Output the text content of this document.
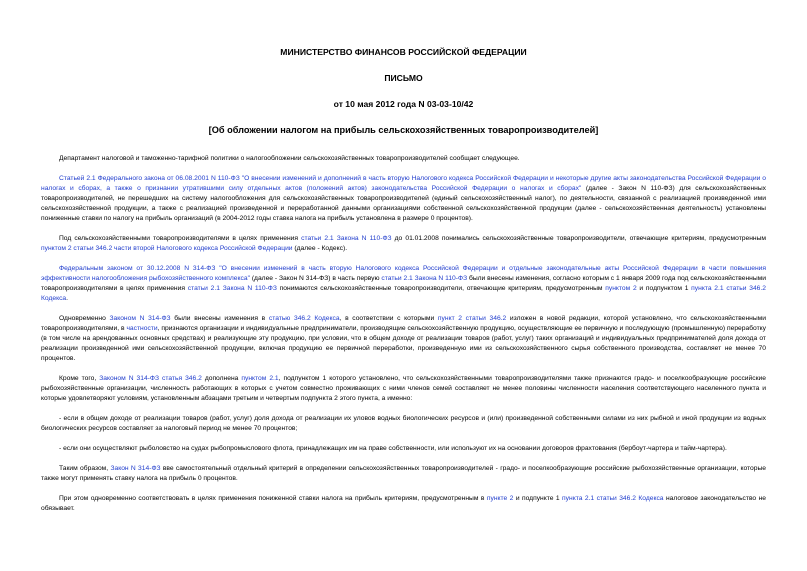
МИНИСТЕРСТВО ФИНАНСОВ РОССИЙСКОЙ ФЕДЕРАЦИИ
ПИСЬМО
от 10 мая 2012 года N 03-03-10/42
[Об обложении налогом на прибыль сельскохозяйственных товаропроизводителей]

Департамент налоговой и таможенно-тарифной политики о налогообложении сельскохозяйственных товаропроизводителей сообщает следующее.

Статьей 2.1 Федерального закона от 06.08.2001 N 110-ФЗ "О внесении изменений и дополнений в часть вторую Налогового кодекса Российской Федерации и некоторые другие акты законодательства Российской Федерации о налогах и сборах, а также о признании утратившими силу отдельных актов (положений актов) законодательства Российской Федерации о налогах и сборах" (далее - Закон N 110-ФЗ) для сельскохозяйственных товаропроизводителей, не перешедших на систему налогообложения для сельскохозяйственных товаропроизводителей (единый сельскохозяйственный налог), по деятельности, связанной с реализацией произведенной ими сельскохозяйственной продукции, а также с реализацией произведенной и переработанной данными организациями собственной сельскохозяйственной продукции (далее - сельскохозяйственная деятельность) установлены пониженные ставки по налогу на прибыль организаций (в 2004-2012 годы ставка налога на прибыль установлена в размере 0 процентов).

Под сельскохозяйственными товаропроизводителями в целях применения статьи 2.1 Закона N 110-ФЗ до 01.01.2008 понимались сельскохозяйственные товаропроизводители, отвечающие критериям, предусмотренным пунктом 2 статьи 346.2 части второй Налогового кодекса Российской Федерации (далее - Кодекс).

Федеральным законом от 30.12.2008 N 314-ФЗ "О внесении изменений в часть вторую Налогового кодекса Российской Федерации и отдельные законодательные акты Российской Федерации в части повышения эффективности налогообложения рыбохозяйственного комплекса" (далее - Закон N 314-ФЗ) в часть первую статьи 2.1 Закона N 110-ФЗ были внесены изменения, согласно которым с 1 января 2009 года под сельскохозяйственными товаропроизводителями в целях применения статьи 2.1 Закона N 110-ФЗ понимаются сельскохозяйственные товаропроизводители, отвечающие критериям, предусмотренным пунктом 2 и подпунктом 1 пункта 2.1 статьи 346.2 Кодекса.

Одновременно Законом N 314-ФЗ были внесены изменения в статью 346.2 Кодекса, в соответствии с которыми пункт 2 статьи 346.2 изложен в новой редакции, которой установлено, что сельскохозяйственными товаропроизводителями, в частности, признаются организации и индивидуальные предприниматели, производящие сельскохозяйственную продукцию, осуществляющие ее первичную и последующую (промышленную) переработку (в том числе на арендованных основных средствах) и реализующие эту продукцию, при условии, что в общем доходе от реализации товаров (работ, услуг) таких организаций и индивидуальных предпринимателей доля дохода от реализации произведенной ими сельскохозяйственной продукции, включая продукцию ее первичной переработки, произведенную ими из сельскохозяйственного сырья собственного производства, составляет не менее 70 процентов.

Кроме того, Законом N 314-ФЗ статья 346.2 дополнена пунктом 2.1, подпунктом 1 которого установлено, что сельскохозяйственными товаропроизводителями также признаются градо- и поселкообразующие российские рыбохозяйственные организации, численность работающих в которых с учетом совместно проживающих с ними членов семей составляет не менее половины численности населения соответствующего населенного пункта и которые удовлетворяют условиям, установленным абзацами третьим и четвертым подпункта 2 этого пункта, а именно:

- если в общем доходе от реализации товаров (работ, услуг) доля дохода от реализации их уловов водных биологических ресурсов и (или) произведенной собственными силами из них рыбной и иной продукции из водных биологических ресурсов составляет за налоговый период не менее 70 процентов;

- если они осуществляют рыболовство на судах рыбопромыслового флота, принадлежащих им на праве собственности, или используют их на основании договоров фрахтования (бербоут-чартера и тайм-чартера).

Таким образом, Закон N 314-ФЗ вве самостоятельный отдельный критерий в определении сельскохозяйственных товаропроизводителей - градо- и поселкообразующие российские рыбохозяйственные организации, которые также могут применять ставку налога на прибыль 0 процентов.

При этом одновременно соответствовать в целях применения пониженной ставки налога на прибыль критериям, предусмотренным в пункте 2 и подпункте 1 пункта 2.1 статьи 346.2 Кодекса налоговое законодательство не обязывает.
